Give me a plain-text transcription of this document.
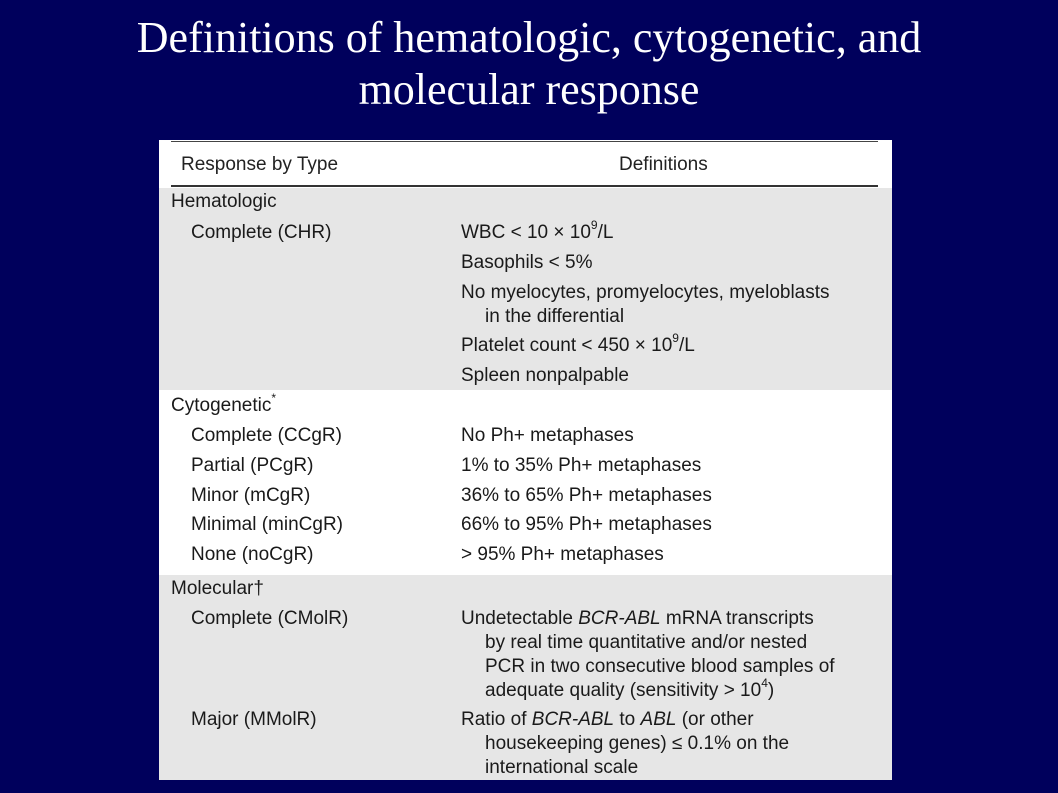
Definitions of hematologic, cytogenetic, and
molecular response
Response by Type	Definitions
Hematologic
Complete (CHR)	WBC < $10 \times 10^9/L$
Basophils < 5%
No myelocytes, promyelocytes, myeloblasts
in the differential
Platelet count < $450 \times 10^9/L$
Spleen nonpalpable
Cytogenetic*
Complete (CCgR)	No Ph+ metaphases
Partial (PCgR)	1% to 35% Ph+ metaphases
Minor (mCgR)	36% to 65% Ph+ metaphases
Minimal (minCgR)	66% to 95% Ph+ metaphases
None (noCgR)	> 95% Ph+ metaphases
Molecular†
Complete (CMolR)	Undetectable BCR-ABL mRNA transcripts
by real time quantitative and/or nested
PCR in two consecutive blood samples of
adequate quality (sensitivity > $10^4$)
Major (MMolR)	Ratio of BCR-ABL to ABL (or other
housekeeping genes) ≤ 0.1% on the
international scale
